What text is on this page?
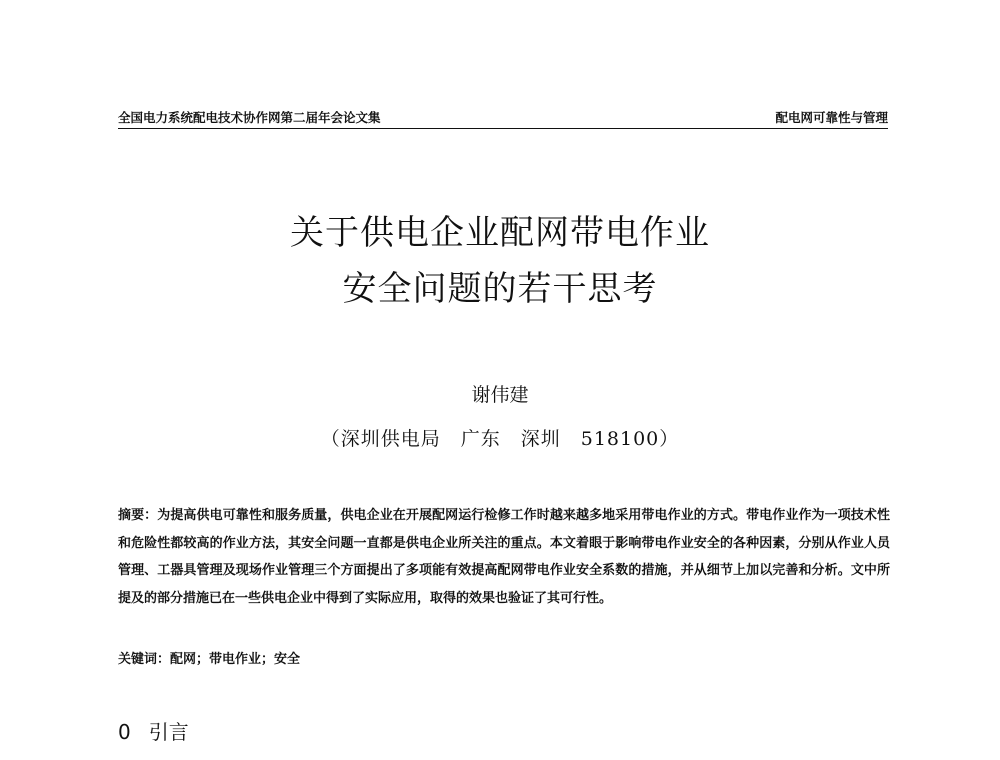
全国电力系统配电技术协作网第二届年会论文集	配电网可靠性与管理
关于供电企业配网带电作业
安全问题的若干思考
谢伟建
（深圳供电局　广东　深圳　518100）
摘要：为提高供电可靠性和服务质量，供电企业在开展配网运行检修工作时越来越多地采用带电作业的方式。带电作业作为一项技术性和危险性都较高的作业方法，其安全问题一直都是供电企业所关注的重点。本文着眼于影响带电作业安全的各种因素，分别从作业人员管理、工器具管理及现场作业管理三个方面提出了多项能有效提高配网带电作业安全系数的措施，并从细节上加以完善和分析。文中所提及的部分措施已在一些供电企业中得到了实际应用，取得的效果也验证了其可行性。
关键词：配网；带电作业；安全
0 引言
